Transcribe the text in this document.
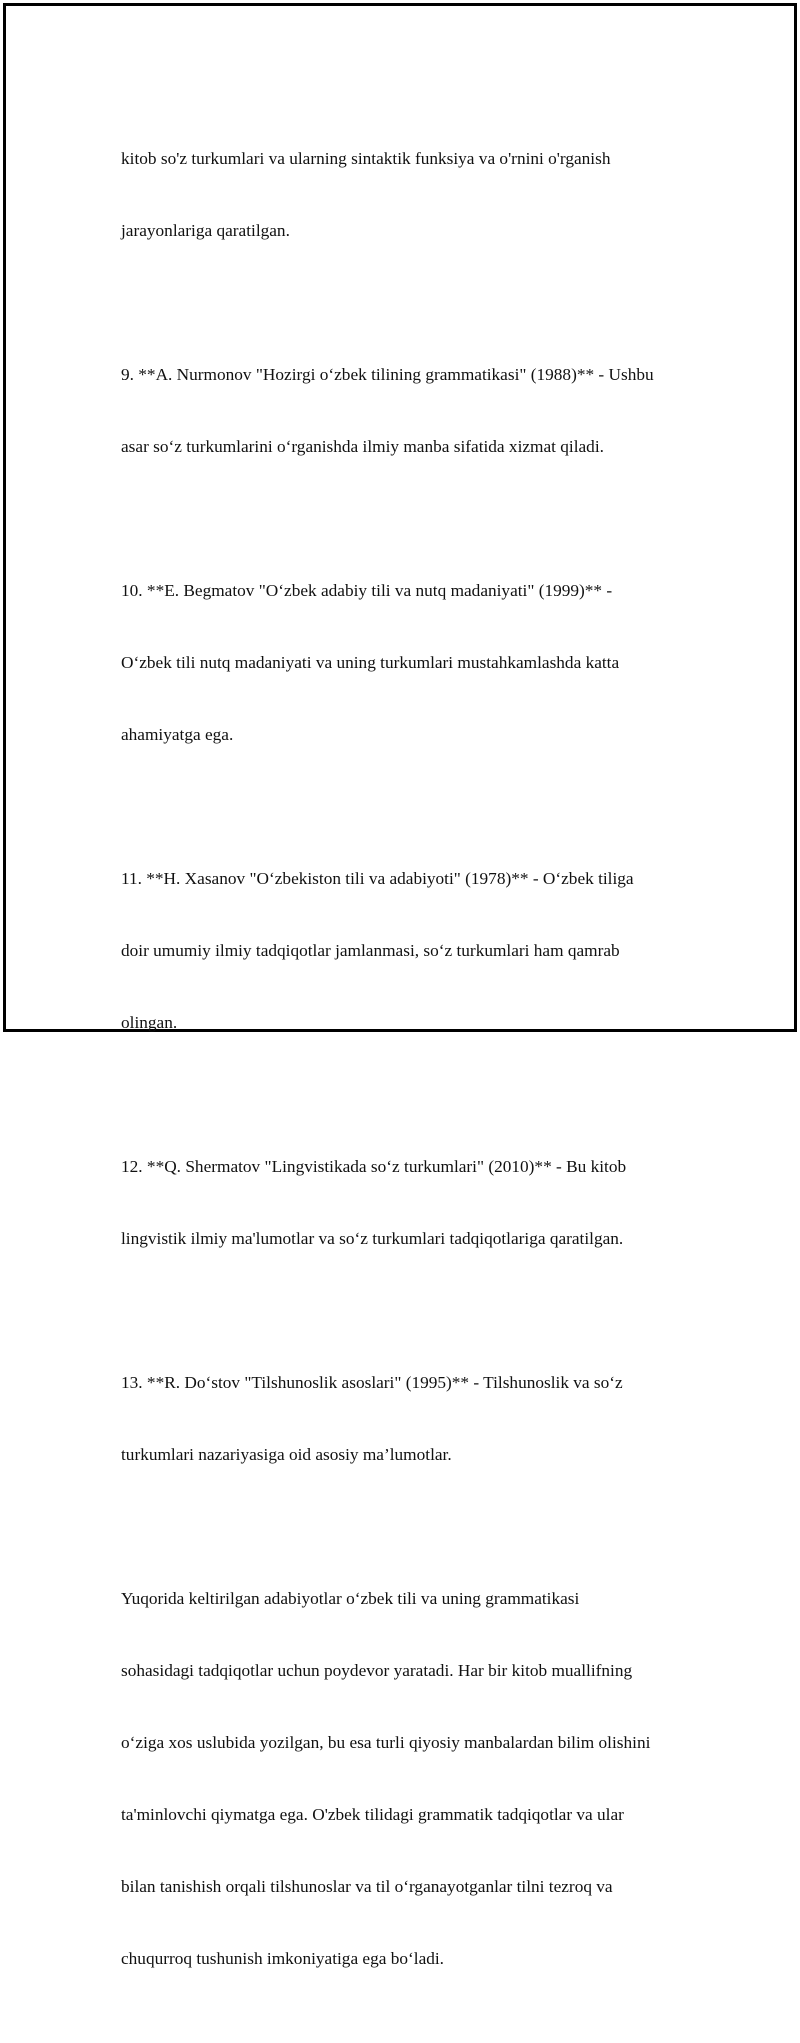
kitob so'z turkumlari va ularning sintaktik funksiya va o'rnini o'rganish

jarayonlariga qaratilgan.

9. **A. Nurmonov "Hozirgi o‘zbek tilining grammatikasi" (1988)** - Ushbu

asar so‘z turkumlarini o‘rganishda ilmiy manba sifatida xizmat qiladi.

10. **E. Begmatov "O‘zbek adabiy tili va nutq madaniyati" (1999)** -

O‘zbek tili nutq madaniyati va uning turkumlari mustahkamlashda katta

ahamiyatga ega.

11. **H. Xasanov "O‘zbekiston tili va adabiyoti" (1978)** - O‘zbek tiliga

doir umumiy ilmiy tadqiqotlar jamlanmasi, so‘z turkumlari ham qamrab

olingan.

12. **Q. Shermatov "Lingvistikada so‘z turkumlari" (2010)** - Bu kitob

lingvistik ilmiy ma'lumotlar va so‘z turkumlari tadqiqotlariga qaratilgan.

13. **R. Do‘stov "Tilshunoslik asoslari" (1995)** - Tilshunoslik va so‘z

turkumlari nazariyasiga oid asosiy ma’lumotlar.

Yuqorida keltirilgan adabiyotlar o‘zbek tili va uning grammatikasi

sohasidagi tadqiqotlar uchun poydevor yaratadi. Har bir kitob muallifning

o‘ziga xos uslubida yozilgan, bu esa turli qiyosiy manbalardan bilim olishini

ta'minlovchi qiymatga ega. O'zbek tilidagi grammatik tadqiqotlar va ular

bilan tanishish orqali tilshunoslar va til o‘rganayotganlar tilni tezroq va

chuqurroq tushunish imkoniyatiga ega bo‘ladi.
